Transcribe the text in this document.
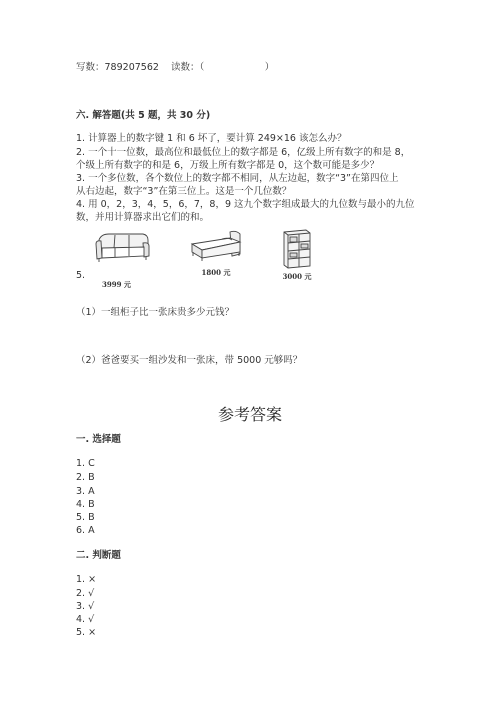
写数：789207562 读数：（	）
六. 解答题(共 5 题，共 30 分)
1. 计算器上的数字键 1 和 6 坏了，要计算 249×16 该怎么办？
2. 一个十一位数，最高位和最低位上的数字都是 6，亿级上所有数字的和是 8，
个级上所有数字的和是 6，万级上所有数字都是 0，这个数可能是多少？
3. 一个多位数，各个数位上的数字都不相同，从左边起，数字“3”在第四位上
从右边起，数字“3”在第三位上。这是一个几位数？
4. 用 0，2，3，4，5，6，7，8，9 这九个数字组成最大的九位数与最小的九位
数，并用计算器求出它们的和。
5.
3999 元
1800 元	3000 元
（1）一组柜子比一张床贵多少元钱？
（2）爸爸要买一组沙发和一张床，带 5000 元够吗？
参考答案
一. 选择题
1. C
2. B
3. A
4. B
5. B
6. A
二. 判断题
1. ×
2. √
3. √
4. √
5. ×
